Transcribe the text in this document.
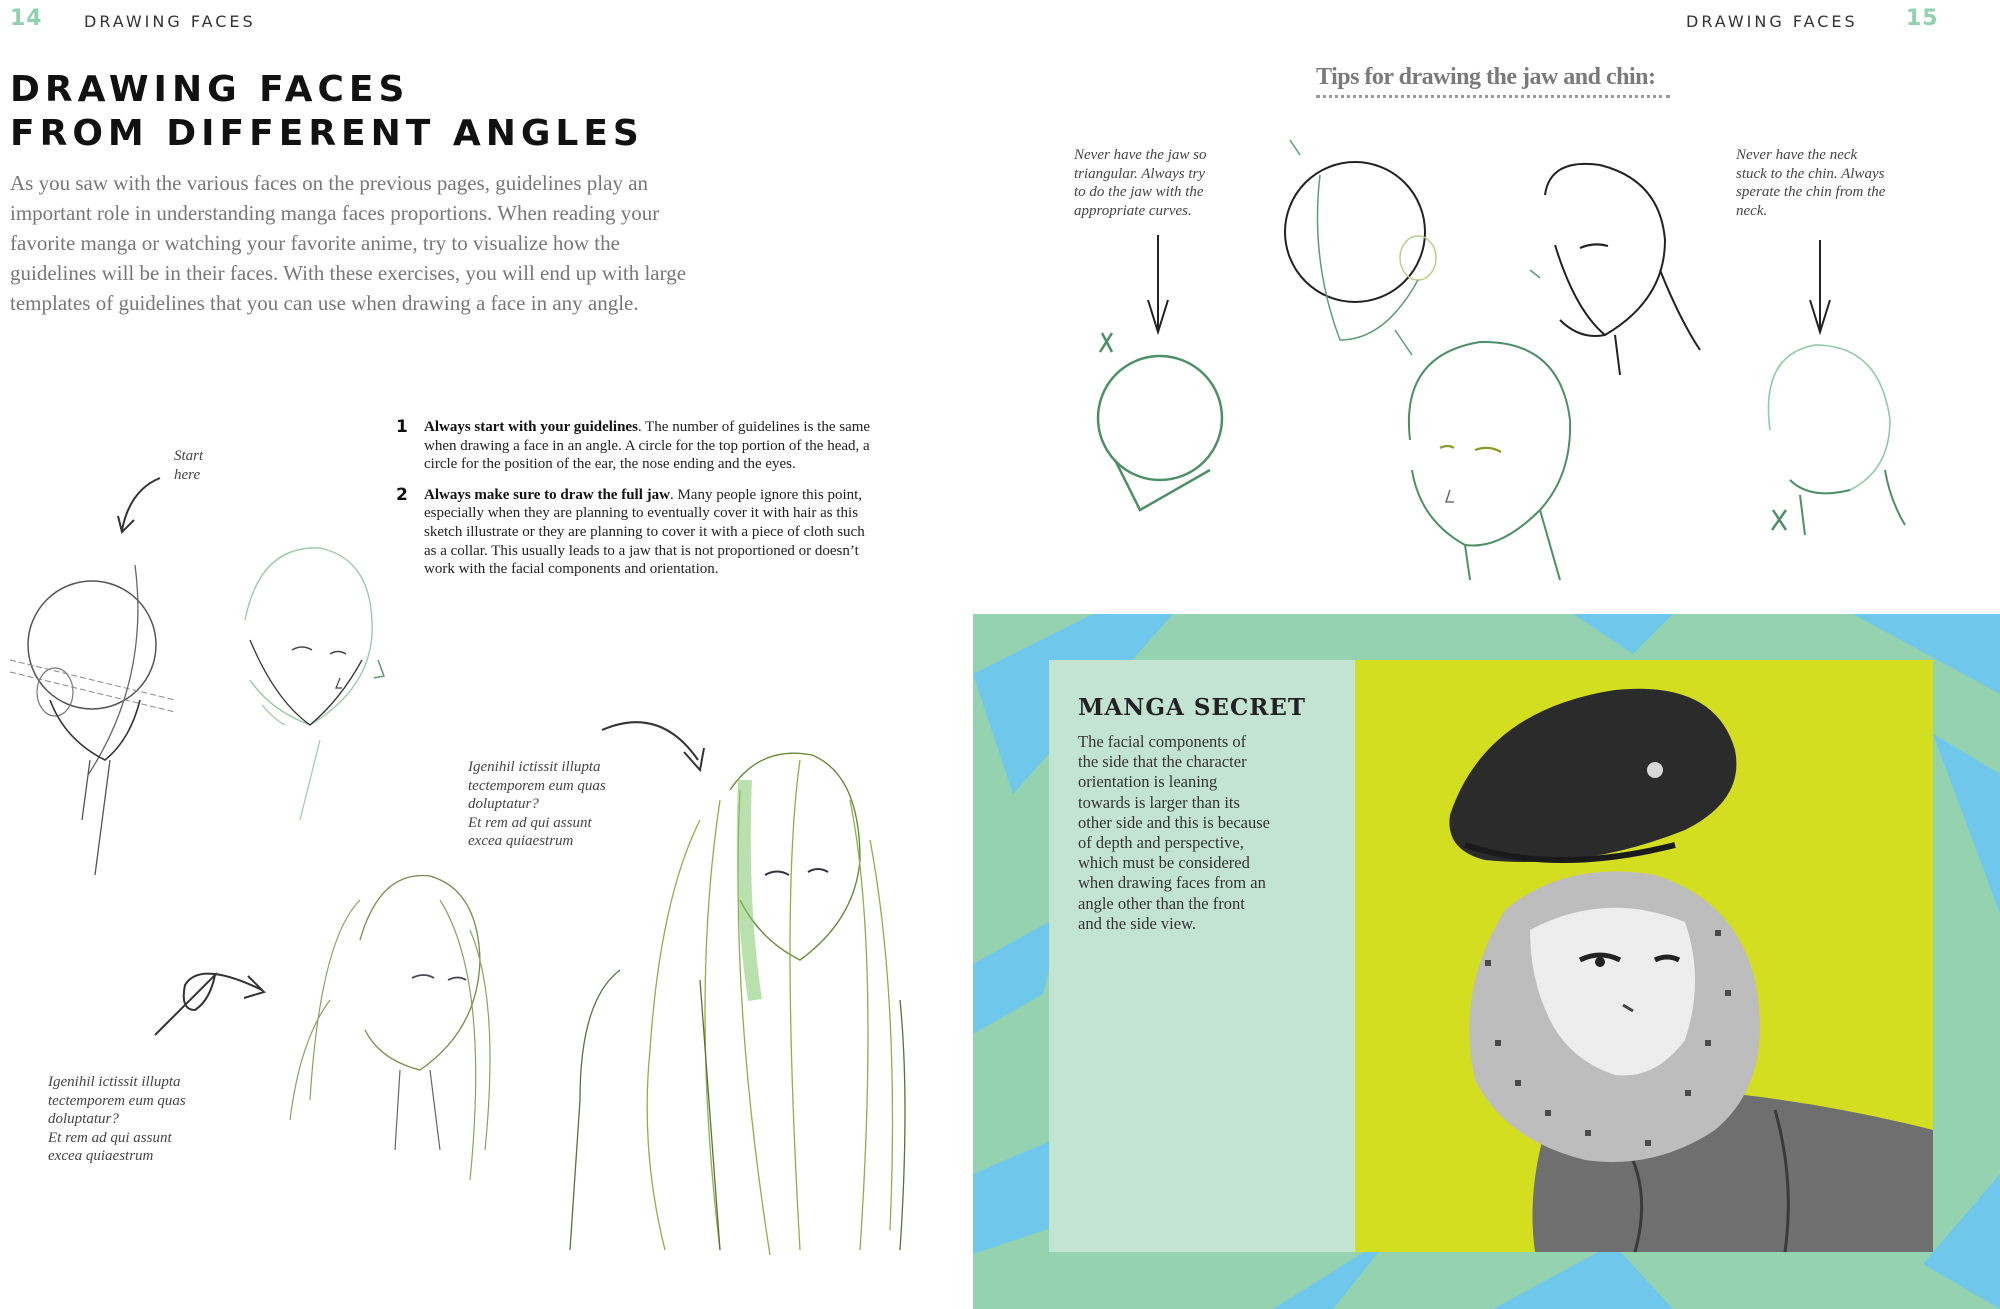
14	DRAWING FACES	DRAWING FACES 15
DRAWING FACES
FROM DIFFERENT ANGLES

As you saw with the various faces on the previous pages, guidelines play an important role in understanding manga faces proportions. When reading your favorite manga or watching your favorite anime, try to visualize how the guidelines will be in their faces. With these exercises, you will end up with large templates of guidelines that you can use when drawing a face in any angle.

1	Always start with your guidelines. The number of guidelines is the same when drawing a face in an angle. A circle for the top portion of the head, a circle for the position of the ear, the nose ending and the eyes.
2	Always make sure to draw the full jaw. Many people ignore this point, especially when they are planning to eventually cover it with hair as this sketch illustrate or they are planning to cover it with a piece of cloth such as a collar. This usually leads to a jaw that is not proportioned or doesn’t work with the facial components and orientation.
Start
here
Igenihil ictissit illupta
tectemporem eum quas
doluptatur?
Et rem ad qui assunt
excea quiaestrum
Igenihil ictissit illupta
tectemporem eum quas
doluptatur?
Et rem ad qui assunt
excea quiaestrum
Tips for drawing the jaw and chin:
Never have the jaw so
triangular. Always try
to do the jaw with the
appropriate curves.
Never have the neck
stuck to the chin. Always
sperate the chin from the
neck.
MANGA SECRET
The facial components of
the side that the character
orientation is leaning
towards is larger than its
other side and this is because
of depth and perspective,
which must be considered
when drawing faces from an
angle other than the front
and the side view.
